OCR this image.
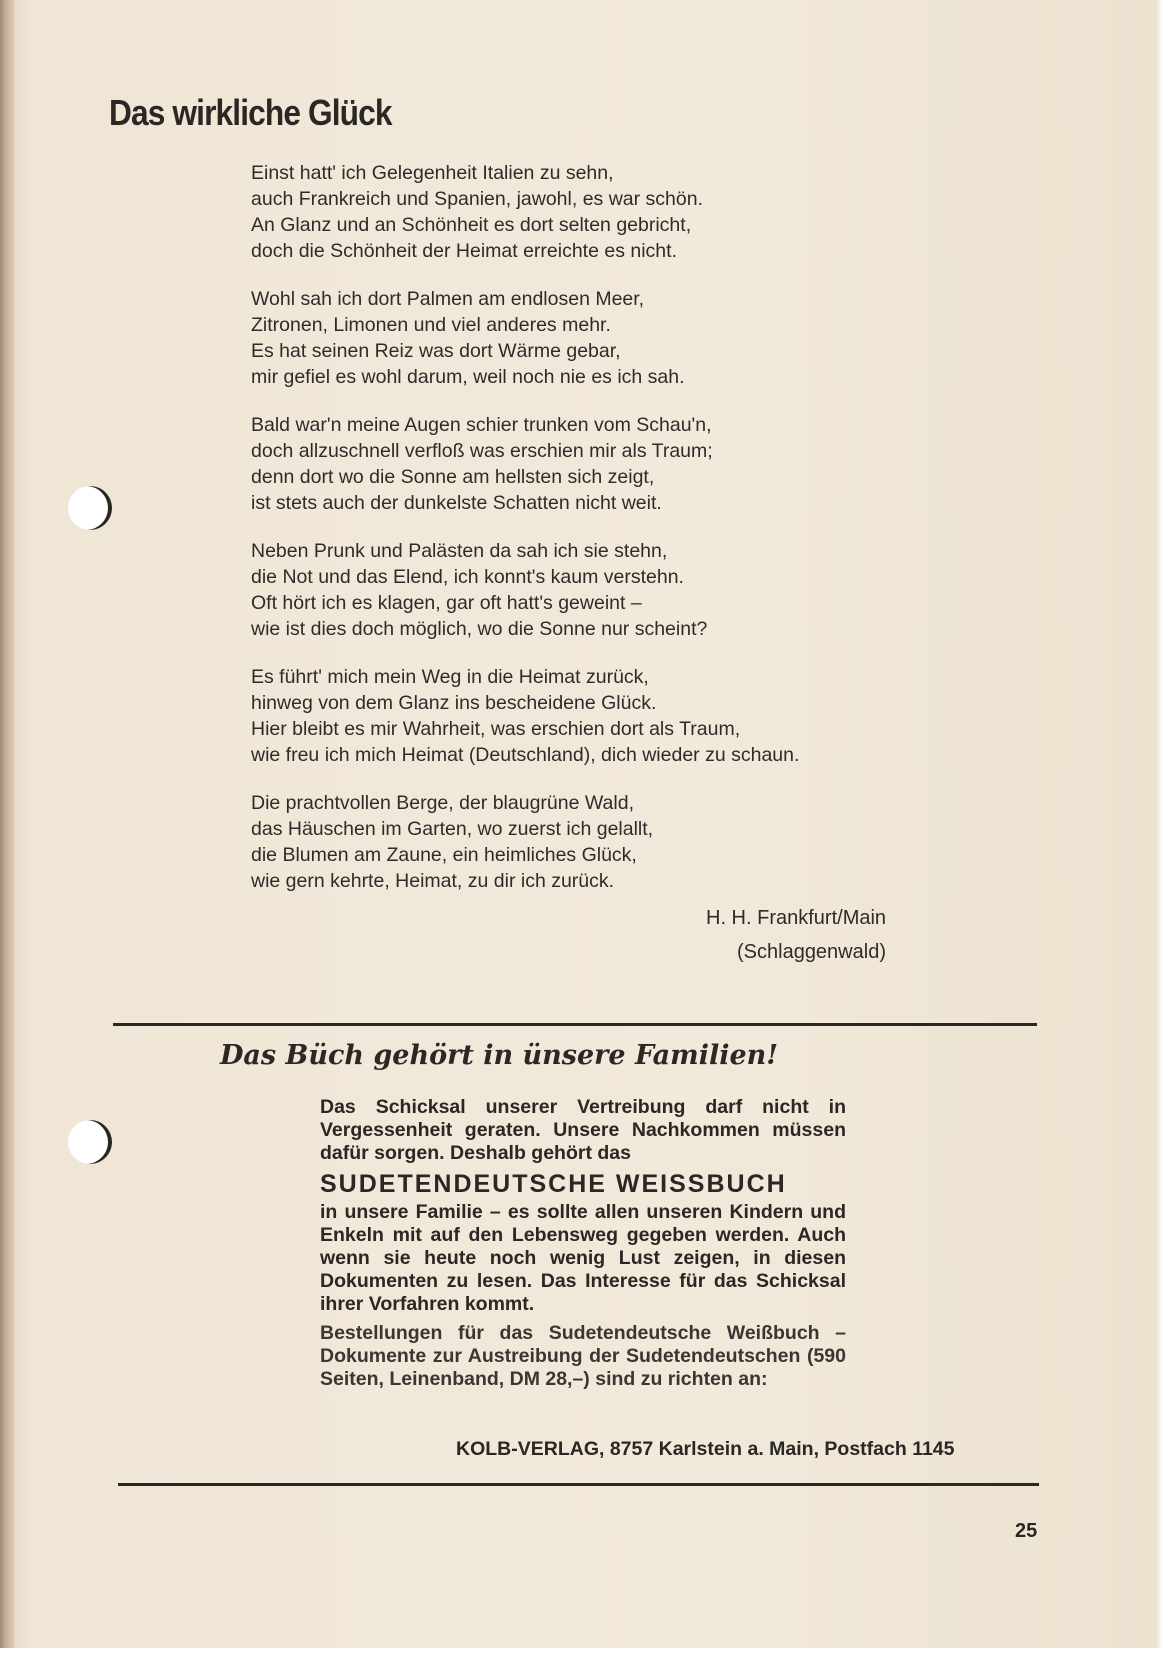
Das wirkliche Glück
Einst hatt' ich Gelegenheit Italien zu sehn,
auch Frankreich und Spanien, jawohl, es war schön.
An Glanz und an Schönheit es dort selten gebricht,
doch die Schönheit der Heimat erreichte es nicht.
Wohl sah ich dort Palmen am endlosen Meer,
Zitronen, Limonen und viel anderes mehr.
Es hat seinen Reiz was dort Wärme gebar,
mir gefiel es wohl darum, weil noch nie es ich sah.
Bald war'n meine Augen schier trunken vom Schau'n,
doch allzuschnell verfloß was erschien mir als Traum;
denn dort wo die Sonne am hellsten sich zeigt,
ist stets auch der dunkelste Schatten nicht weit.
Neben Prunk und Palästen da sah ich sie stehn,
die Not und das Elend, ich konnt's kaum verstehn.
Oft hört ich es klagen, gar oft hatt's geweint –
wie ist dies doch möglich, wo die Sonne nur scheint?
Es führt' mich mein Weg in die Heimat zurück,
hinweg von dem Glanz ins bescheidene Glück.
Hier bleibt es mir Wahrheit, was erschien dort als Traum,
wie freu ich mich Heimat (Deutschland), dich wieder zu schaun.
Die prachtvollen Berge, der blaugrüne Wald,
das Häuschen im Garten, wo zuerst ich gelallt,
die Blumen am Zaune, ein heimliches Glück,
wie gern kehrte, Heimat, zu dir ich zurück.
H. H. Frankfurt/Main
(Schlaggenwald)
Das Büch gehört in ünsere Familien!

Das Schicksal unserer Vertreibung darf nicht in Vergessenheit geraten. Unsere Nachkommen müssen dafür sorgen. Deshalb gehört das

SUDETENDEUTSCHE WEISSBUCH

in unsere Familie – es sollte allen unseren Kindern und Enkeln mit auf den Lebensweg gegeben werden. Auch wenn sie heute noch wenig Lust zeigen, in diesen Dokumenten zu lesen. Das Interesse für das Schicksal ihrer Vorfahren kommt.

Bestellungen für das Sudetendeutsche Weißbuch – Dokumente zur Austreibung der Sudetendeutschen (590 Seiten, Leinenband, DM 28,–) sind zu richten an:

KOLB-VERLAG, 8757 Karlstein a. Main, Postfach 1145
25
